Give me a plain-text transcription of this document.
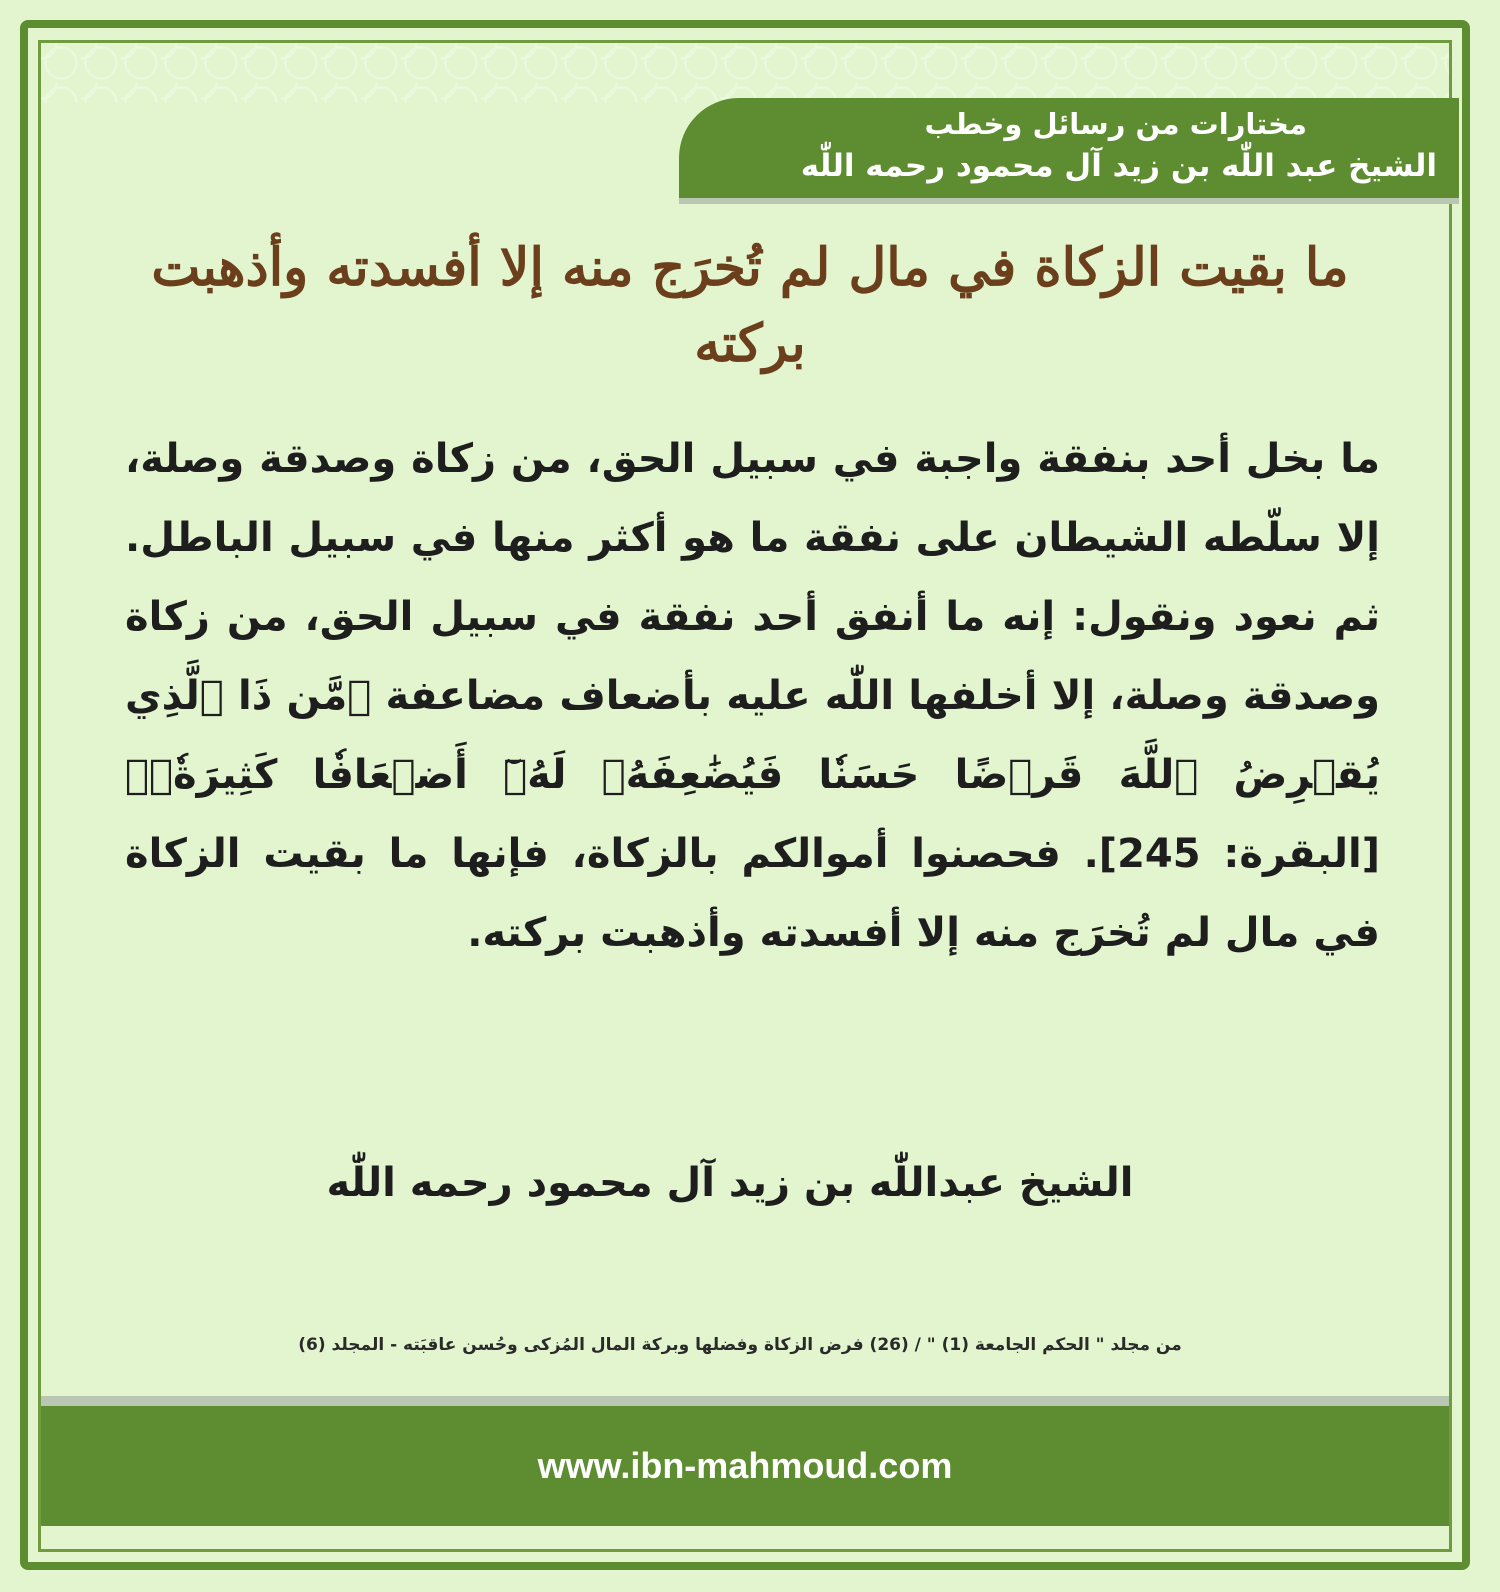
مختارات من رسائل وخطب
الشيخ عبد اللّٰه بن زيد آل محمود رحمه اللّٰه
ما بقيت الزكاة في مال لم تُخرَج منه إلا أفسدته وأذهبت بركته
ما بخل أحد بنفقة واجبة في سبيل الحق، من زكاة وصدقة وصلة، إلا سلّطه الشيطان على نفقة ما هو أكثر منها في سبيل الباطل. ثم نعود ونقول: إنه ما أنفق أحد نفقة في سبيل الحق، من زكاة وصدقة وصلة، إلا أخلفها اللّٰه عليه بأضعاف مضاعفة ﴿مَّن ذَا ٱلَّذِي يُقۡرِضُ ٱللَّهَ قَرۡضًا حَسَنٗا فَيُضَٰعِفَهُۥ لَهُۥٓ أَضۡعَافٗا كَثِيرَةٗۚ﴾ [البقرة: 245]. فحصنوا أموالكم بالزكاة، فإنها ما بقيت الزكاة في مال لم تُخرَج منه إلا أفسدته وأذهبت بركته.
الشيخ عبداللّٰه بن زيد آل محمود رحمه اللّٰه
من مجلد " الحكم الجامعة (1) " / (26) فرض الزكاة وفضلها وبركة المال المُزكى وحُسن عاقبَته - المجلد (6)
www.ibn-mahmoud.com
